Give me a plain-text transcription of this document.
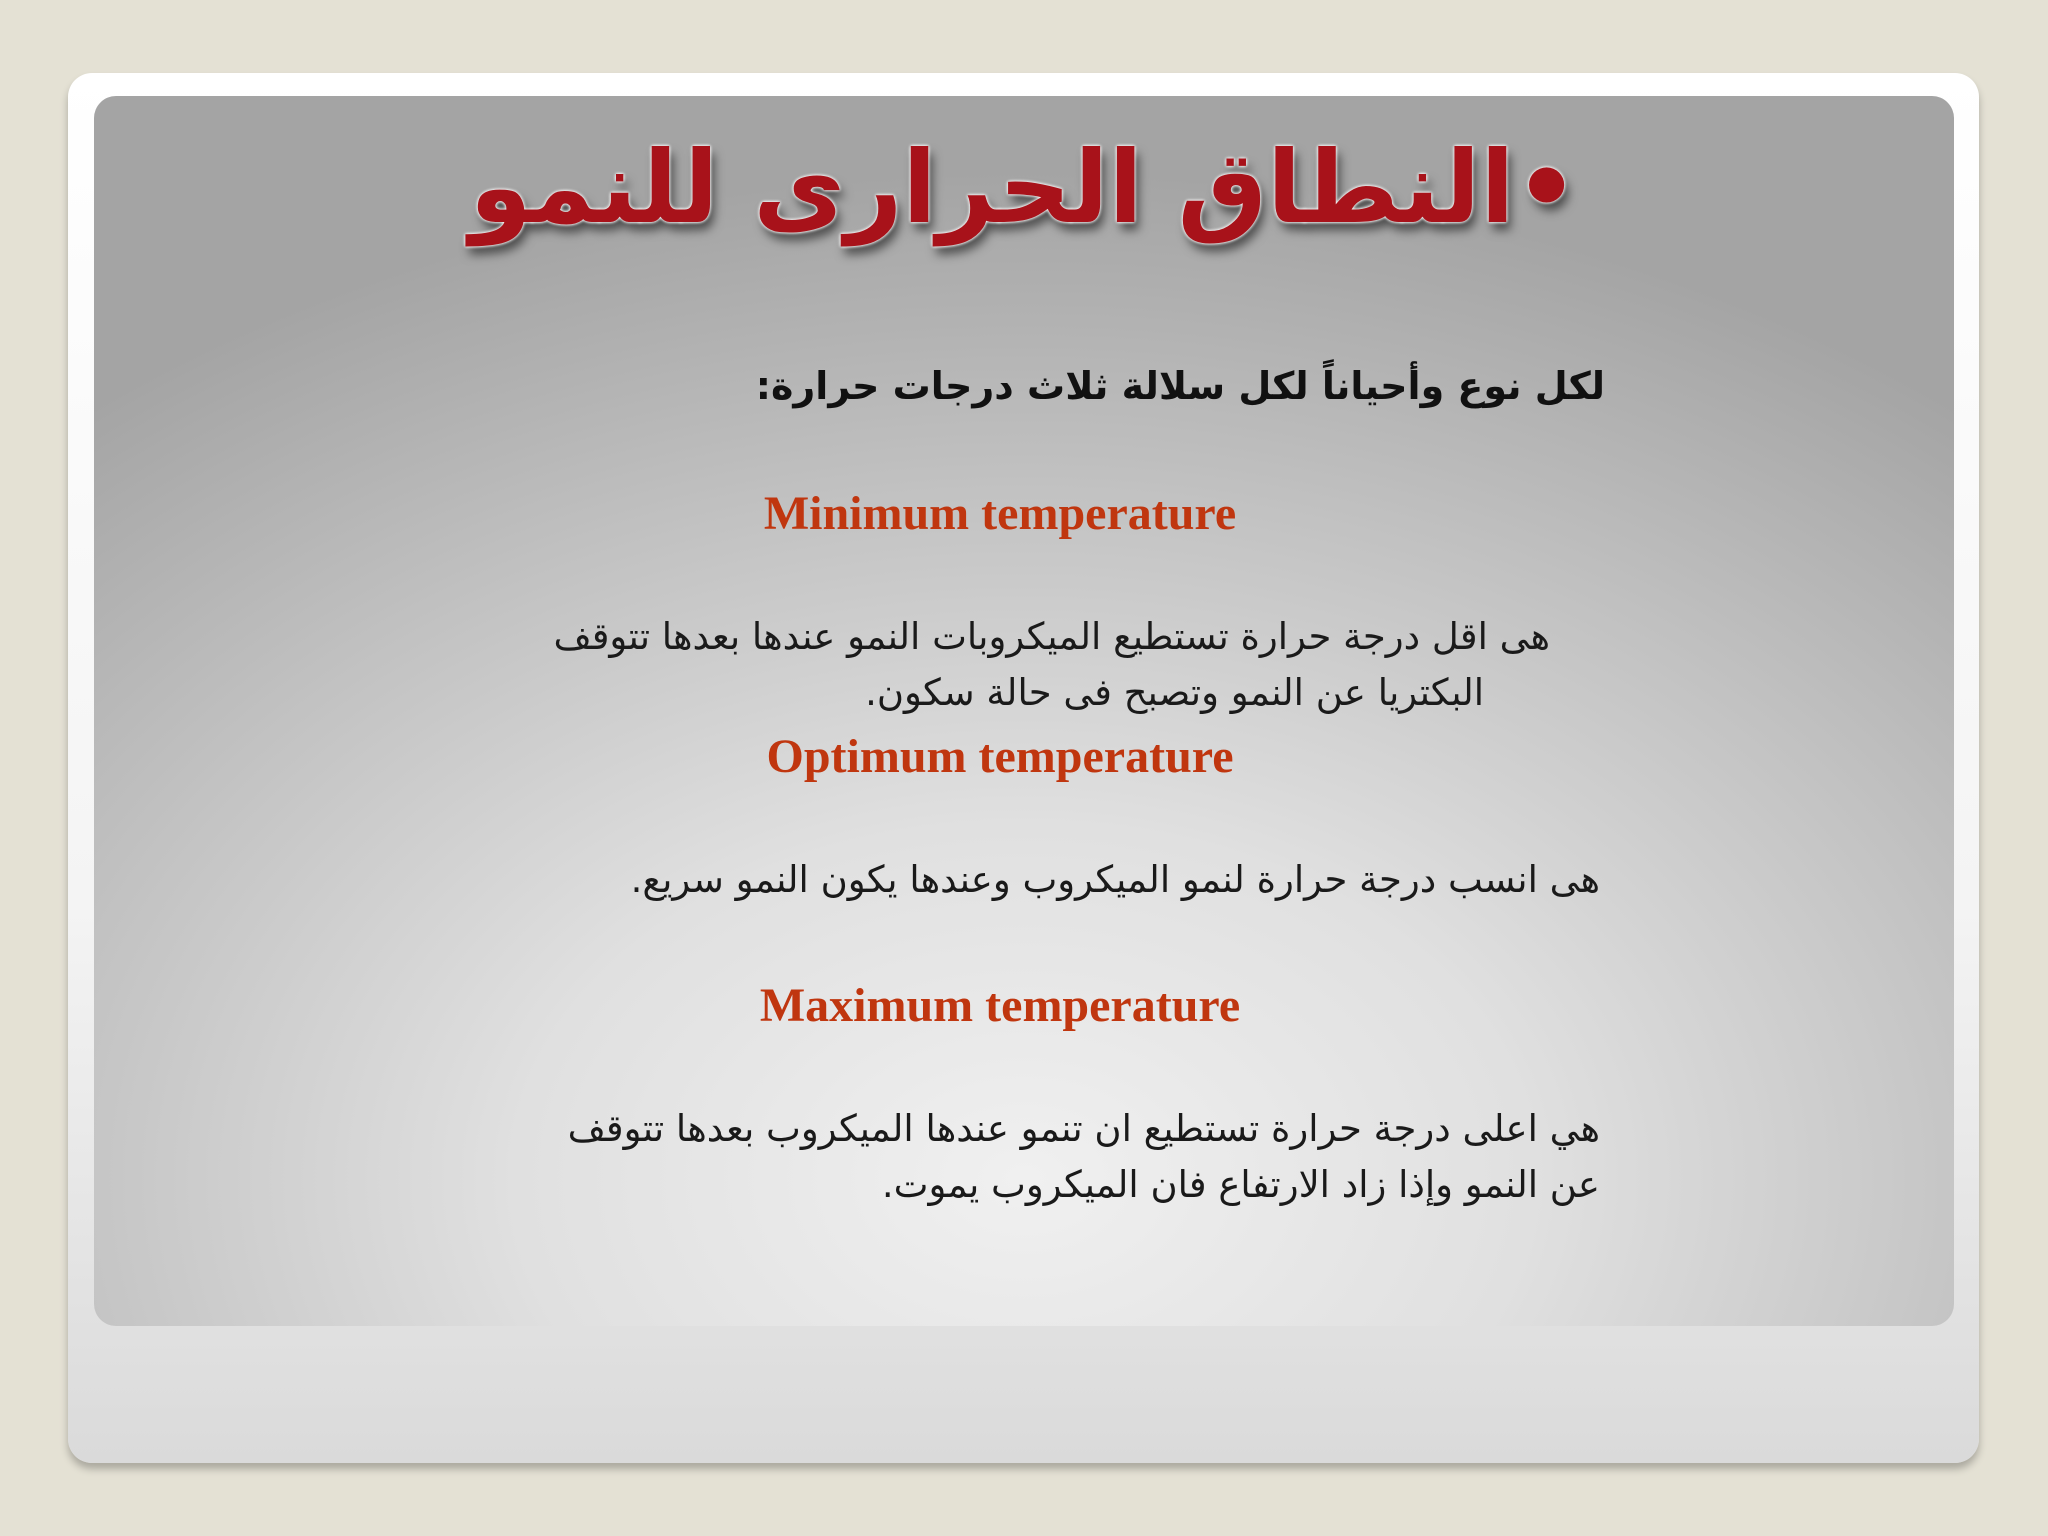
•النطاق الحرارى للنمو
لكل نوع وأحياناً لكل سلالة ثلاث درجات حرارة:
Minimum temperature
هى اقل درجة حرارة تستطيع الميكروبات النمو عندها بعدها تتوقف
البكتريا عن النمو وتصبح فى حالة سكون.
Optimum temperature
هى انسب درجة حرارة لنمو الميكروب وعندها يكون النمو سريع.
Maximum temperature
هي اعلى درجة حرارة تستطيع ان تنمو عندها الميكروب بعدها تتوقف
عن النمو وإذا زاد الارتفاع فان الميكروب يموت.
